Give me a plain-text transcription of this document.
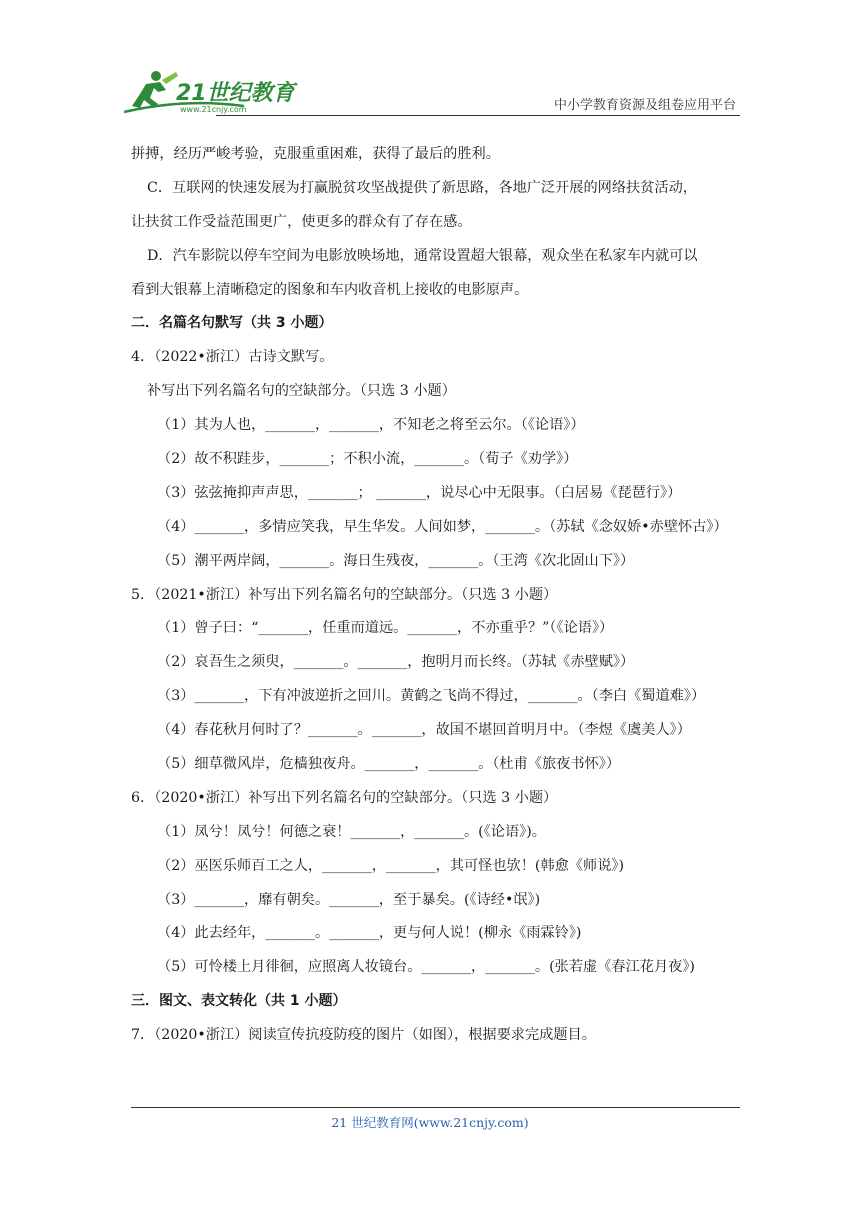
21世纪教育
www.21cnjy.com	中小学教育资源及组卷应用平台
拼搏，经历严峻考验，克服重重困难，获得了最后的胜利。
C．互联网的快速发展为打赢脱贫攻坚战提供了新思路，各地广泛开展的网络扶贫活动，
让扶贫工作受益范围更广，使更多的群众有了存在感。
D．汽车影院以停车空间为电影放映场地，通常设置超大银幕，观众坐在私家车内就可以
看到大银幕上清晰稳定的图象和车内收音机上接收的电影原声。
二．名篇名句默写（共 3 小题）
4．（2022•浙江）古诗文默写。
补写出下列名篇名句的空缺部分。（只选 3 小题）
（1）其为人也，_______，_______，不知老之将至云尔。（《论语》）
（2）故不积跬步，_______；不积小流，_______。（荀子《劝学》）
（3）弦弦掩抑声声思，_______； _______，说尽心中无限事。（白居易《琵琶行》）
（4）_______，多情应笑我，早生华发。人间如梦，_______。（苏轼《念奴娇•赤壁怀古》）
（5）潮平两岸阔，_______。海日生残夜，_______。（王湾《次北固山下》）
5．（2021•浙江）补写出下列名篇名句的空缺部分。（只选 3 小题）
（1）曾子曰：“_______，任重而道远。_______，不亦重乎？”（《论语》）
（2）哀吾生之须臾，_______。_______，抱明月而长终。（苏轼《赤壁赋》）
（3）_______，下有冲波逆折之回川。黄鹤之飞尚不得过，_______。（李白《蜀道难》）
（4）春花秋月何时了？_______。_______，故国不堪回首明月中。（李煜《虞美人》）
（5）细草微风岸，危樯独夜舟。_______，_______。（杜甫《旅夜书怀》）
6．（2020•浙江）补写出下列名篇名句的空缺部分。（只选 3 小题）
（1）凤兮！凤兮！何德之衰！_______，_______。(《论语》)。
（2）巫医乐师百工之人，_______，_______，其可怪也欤！(韩愈《师说》)
（3）_______，靡有朝矣。_______，至于暴矣。(《诗经•氓》)
（4）此去经年，_______。_______，更与何人说！(柳永《雨霖铃》)
（5）可怜楼上月徘徊，应照离人妆镜台。_______，_______。(张若虚《春江花月夜》)
三．图文、表文转化（共 1 小题）
7．（2020•浙江）阅读宣传抗疫防疫的图片（如图），根据要求完成题目。
21 世纪教育网(www.21cnjy.com)
